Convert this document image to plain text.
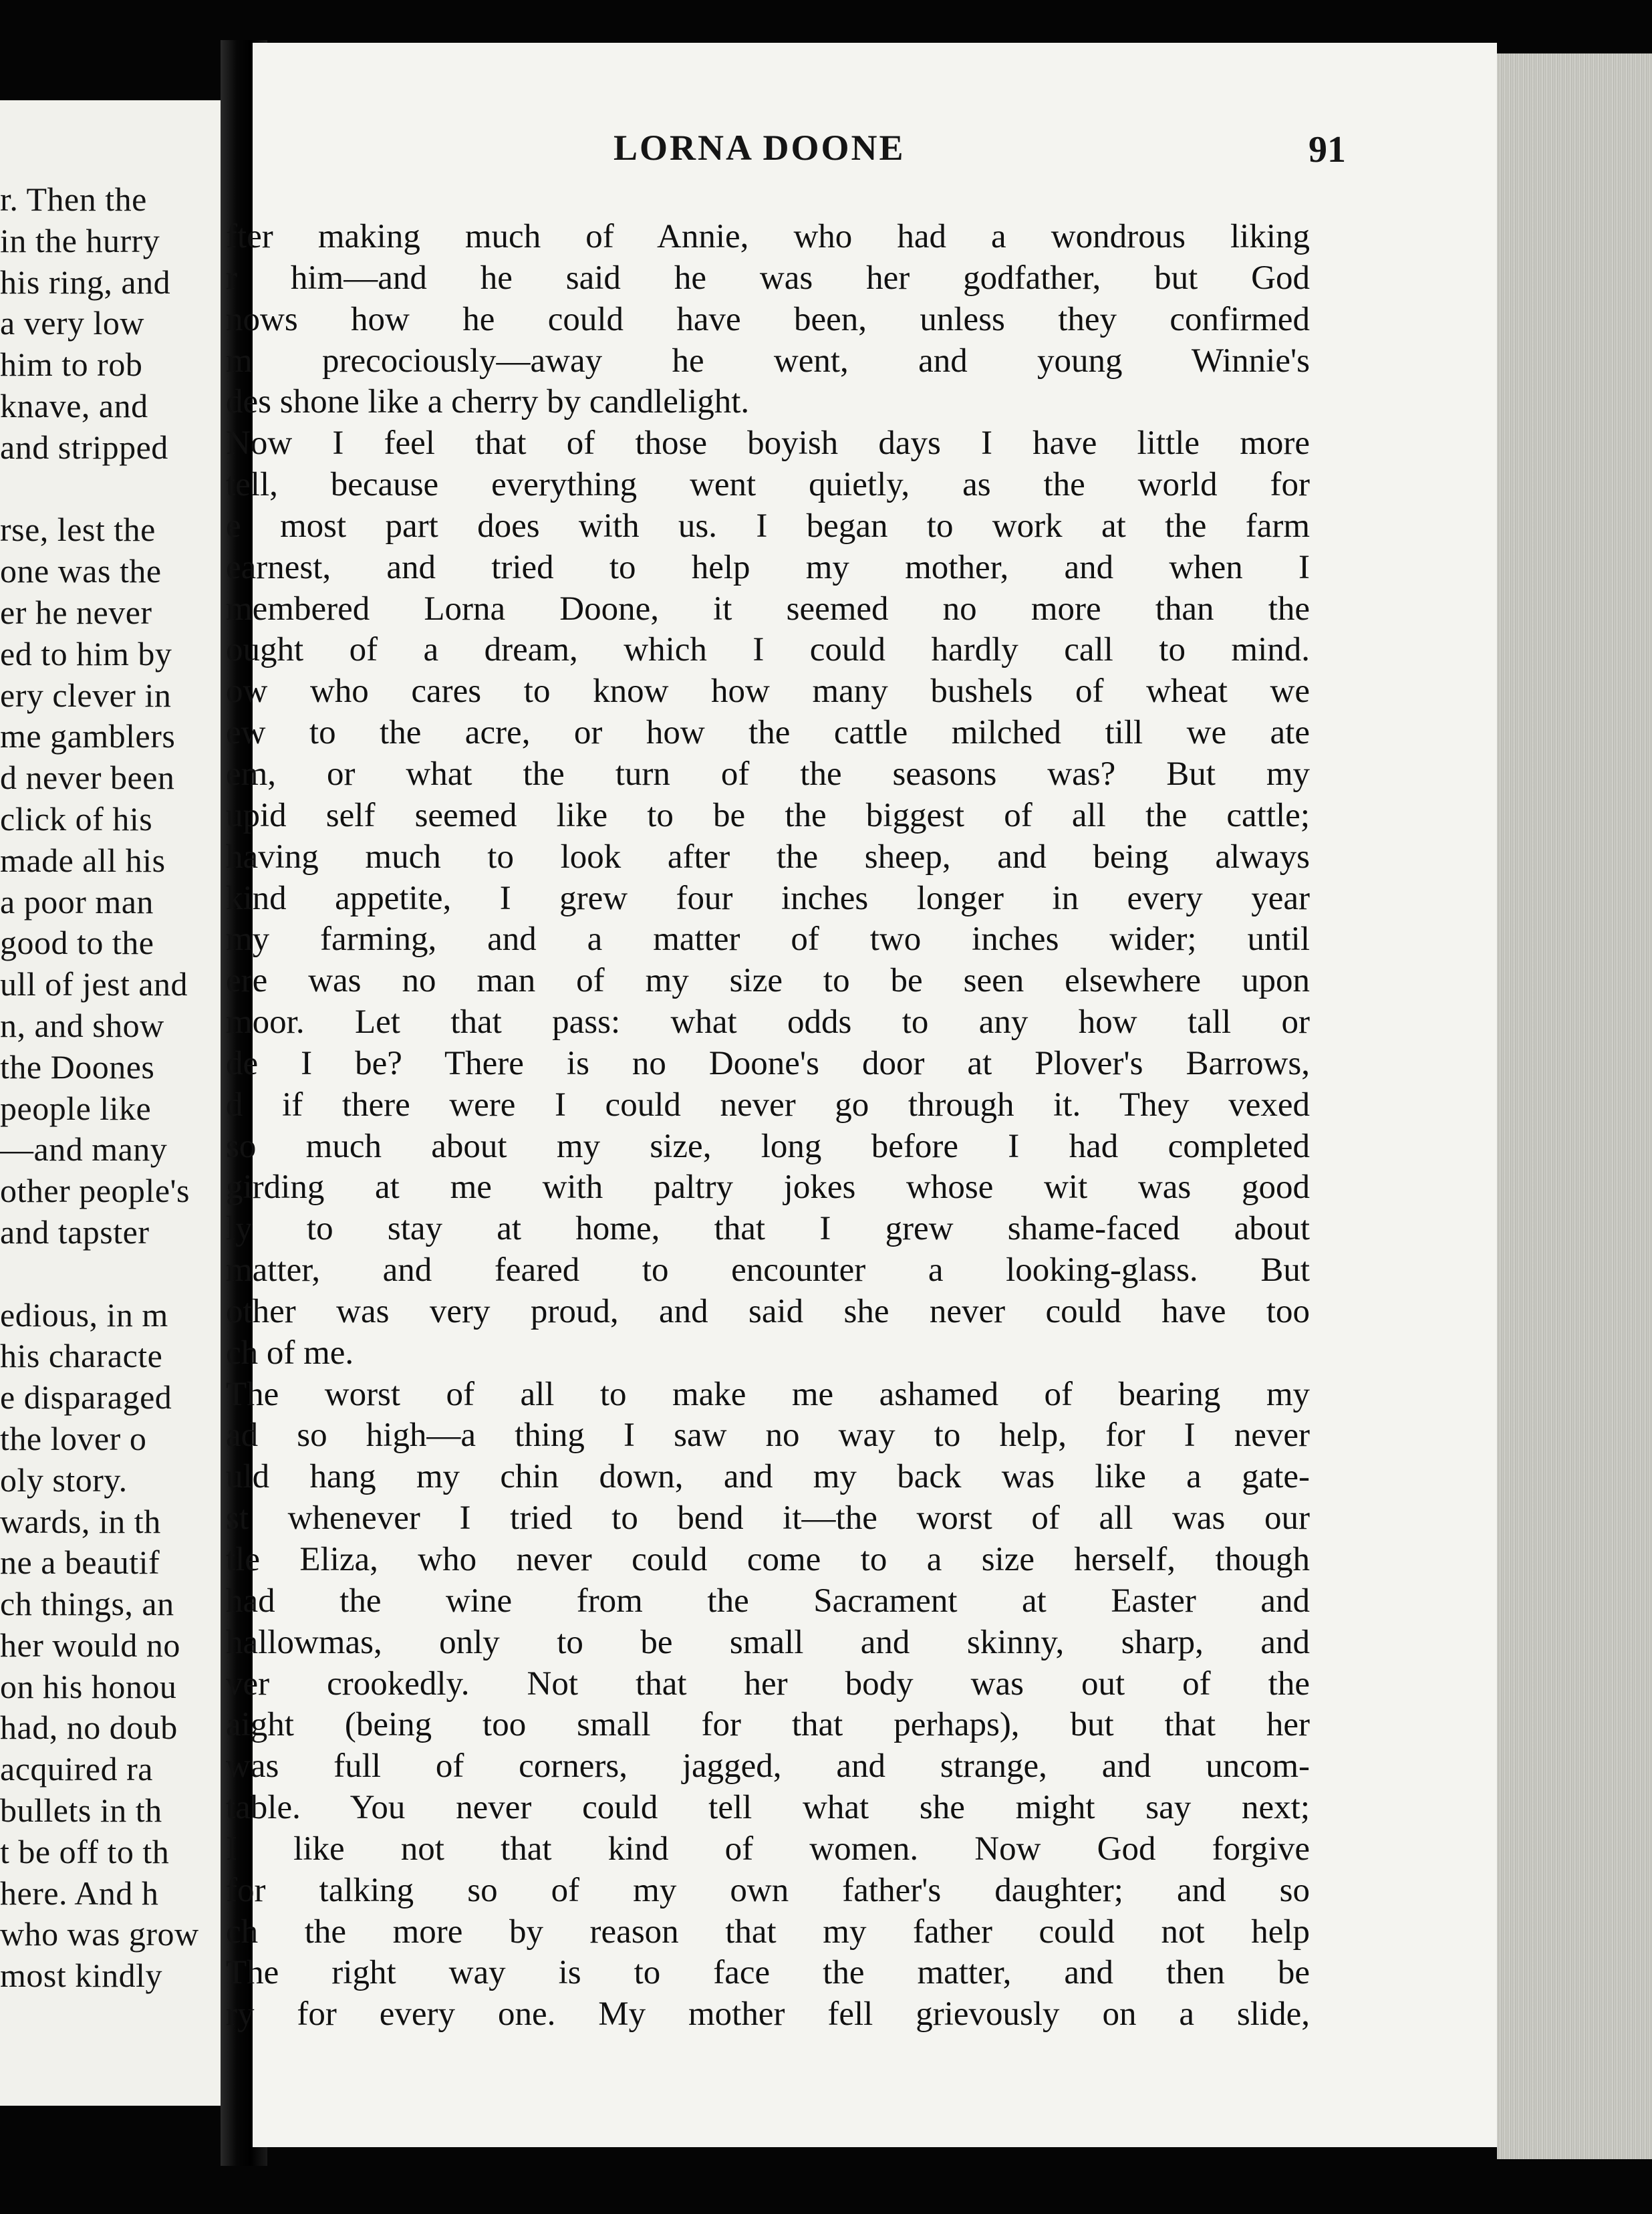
r. Then the
in the hurry
his ring, and
a very low
him to rob
knave, and
and stripped
rse, lest the
one was the
er he never
ed to him by
ery clever in
me gamblers
d never been
click of his
made all his
a poor man
good to the
ull of jest and
n, and show
the Doones
people like
—and many
other people's
and tapster
edious, in m
his characte
e disparaged
the lover o
oly story.
wards, in th
ne a beautif
ch things, an
her would no
on his honou
had, no doub
acquired ra
bullets in th
t be off to th
here. And h
who was grow
most kindly
LORNA DOONE	91
fter making much of Annie, who had a wondrous liking
r him—and he said he was her godfather, but God
nows how he could have been, unless they confirmed
m precociously—away he went, and young Winnie's
des shone like a cherry by candlelight.
Now I feel that of those boyish days I have little more
tell, because everything went quietly, as the world for
e most part does with us. I began to work at the farm
earnest, and tried to help my mother, and when I
membered Lorna Doone, it seemed no more than the
ought of a dream, which I could hardly call to mind.
ow who cares to know how many bushels of wheat we
ew to the acre, or how the cattle milched till we ate
em, or what the turn of the seasons was? But my
upid self seemed like to be the biggest of all the cattle;
having much to look after the sheep, and being always
kind appetite, I grew four inches longer in every year
my farming, and a matter of two inches wider; until
ere was no man of my size to be seen elsewhere upon
moor. Let that pass: what odds to any how tall or
de I be? There is no Doone's door at Plover's Barrows,
d if there were I could never go through it. They vexed
so much about my size, long before I had completed
girding at me with paltry jokes whose wit was good
ly to stay at home, that I grew shame-faced about
matter, and feared to encounter a looking-glass. But
other was very proud, and said she never could have too
ch of me.
The worst of all to make me ashamed of bearing my
ad so high—a thing I saw no way to help, for I never
uld hang my chin down, and my back was like a gate-
st whenever I tried to bend it—the worst of all was our
tle Eliza, who never could come to a size herself, though
had the wine from the Sacrament at Easter and
hallowmas, only to be small and skinny, sharp, and
ver crookedly. Not that her body was out of the
aight (being too small for that perhaps), but that her
was full of corners, jagged, and strange, and uncom-
table. You never could tell what she might say next;
I like not that kind of women. Now God forgive
for talking so of my own father's daughter; and so
ch the more by reason that my father could not help
The right way is to face the matter, and then be
ry for every one. My mother fell grievously on a slide,
